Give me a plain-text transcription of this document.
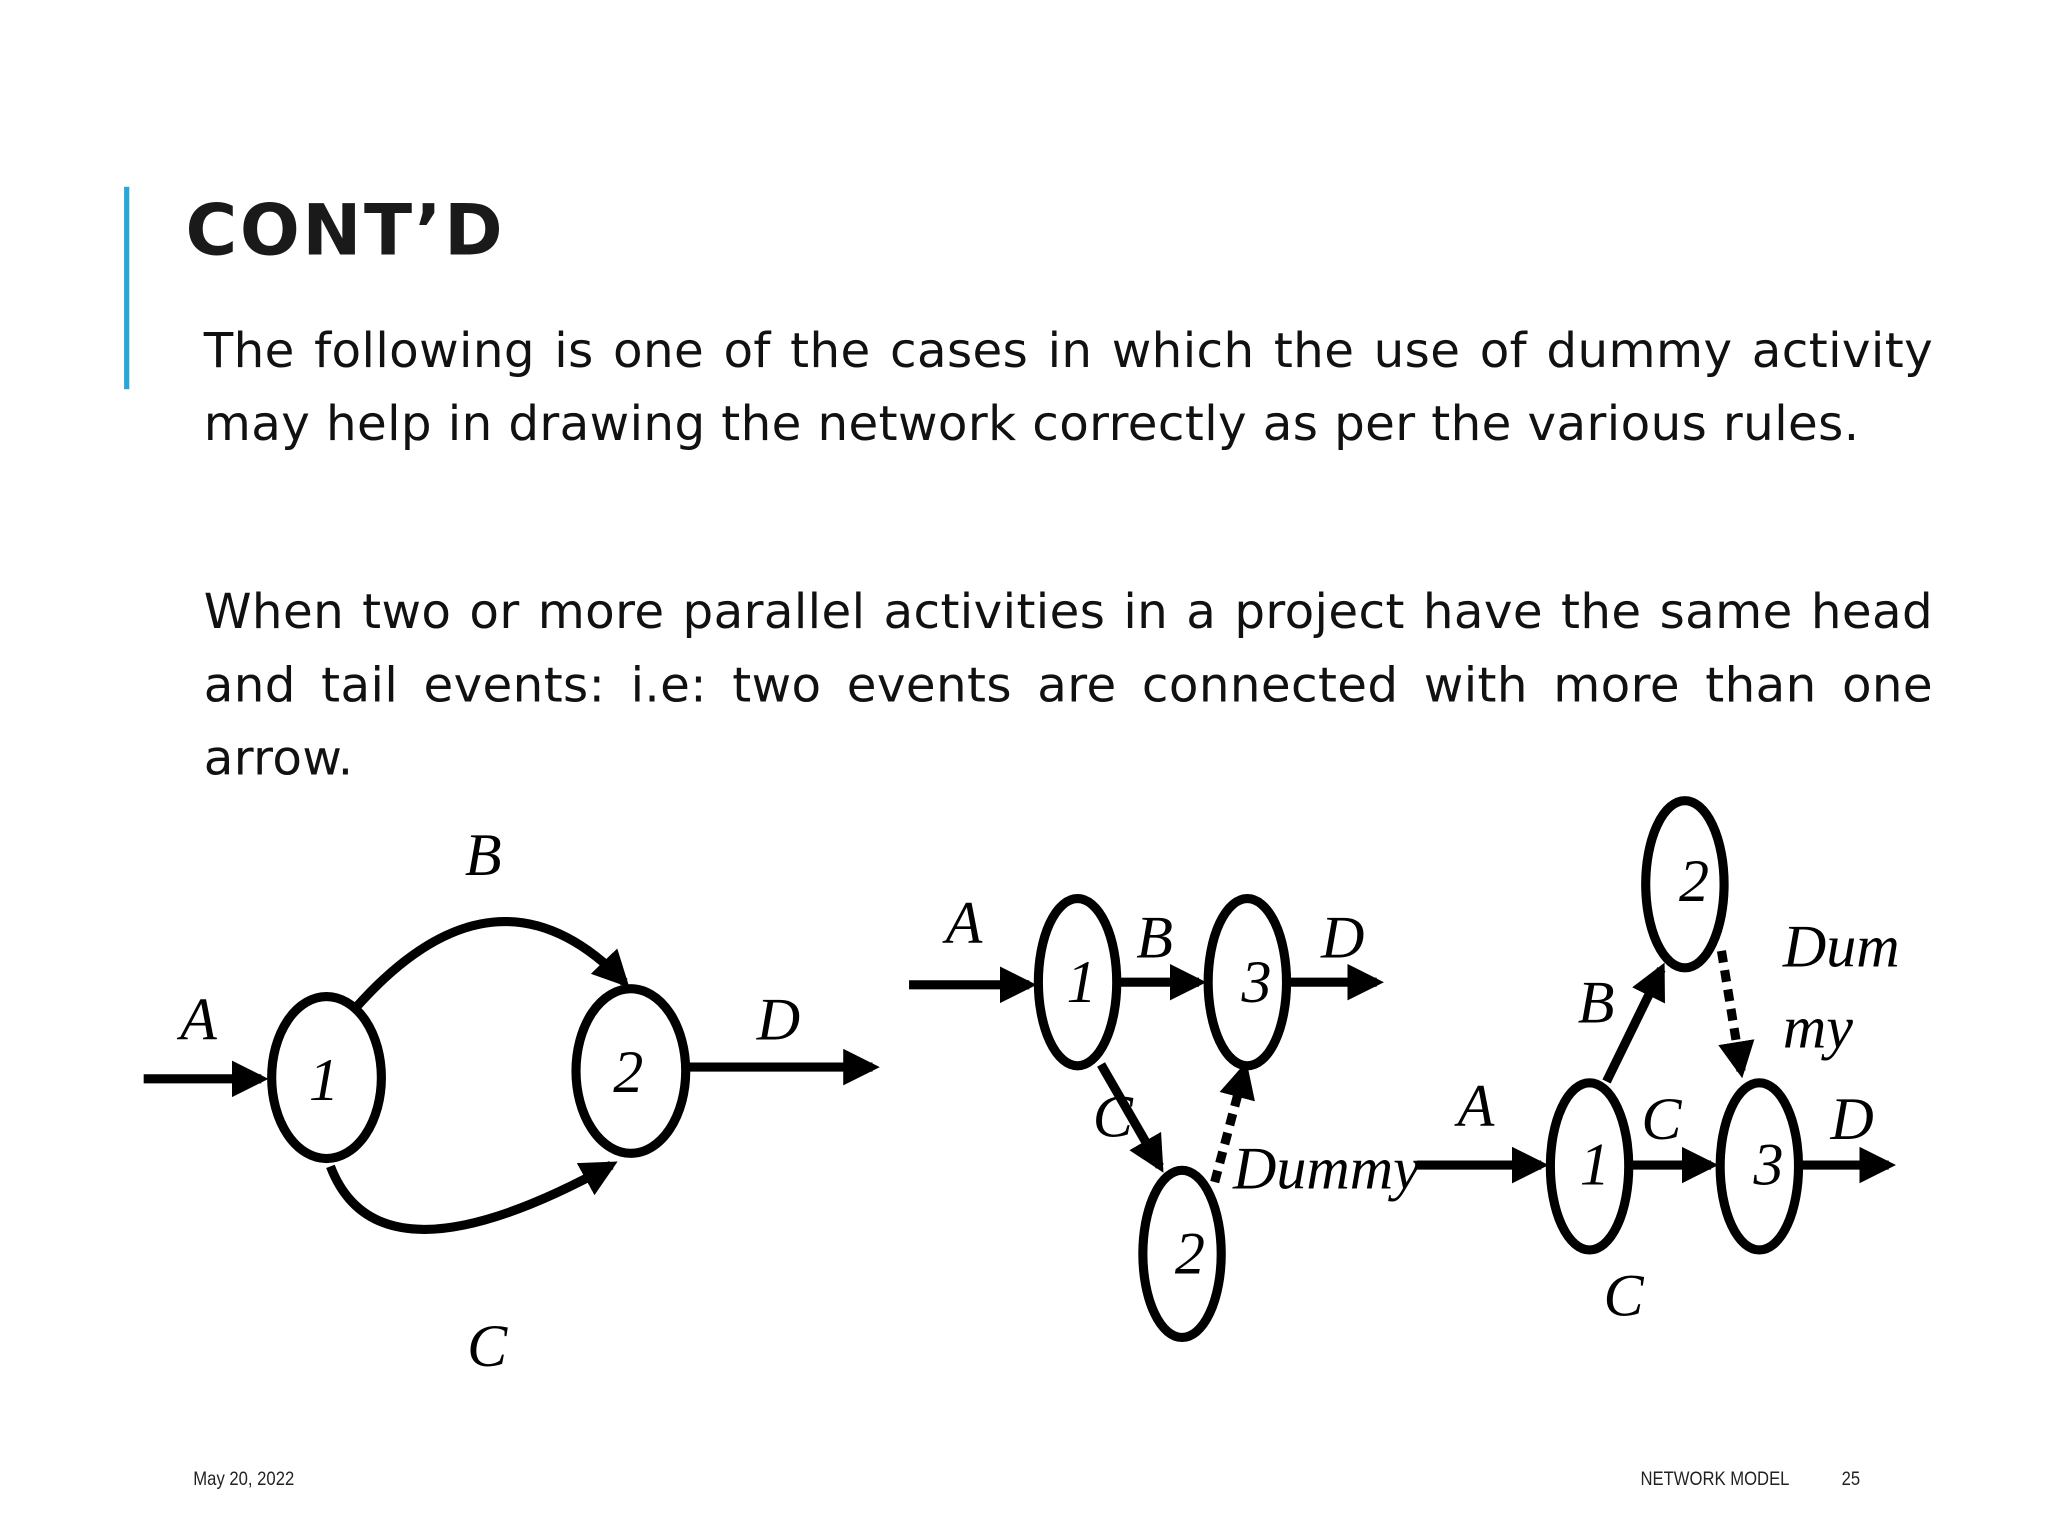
CONT’D

The following is one of the cases in which the use of dummy activity may help in drawing the network correctly as per the various rules.

When two or more parallel activities in a project have the same head and tail events: i.e: two events are connected with more than one arrow.

1	2
A
B
C
D
1	3
2
A	B
C
D
Dummy
2
1	3
A
B
C
C
D
Dum
my
May 20, 2022	NETWORK MODEL	25
